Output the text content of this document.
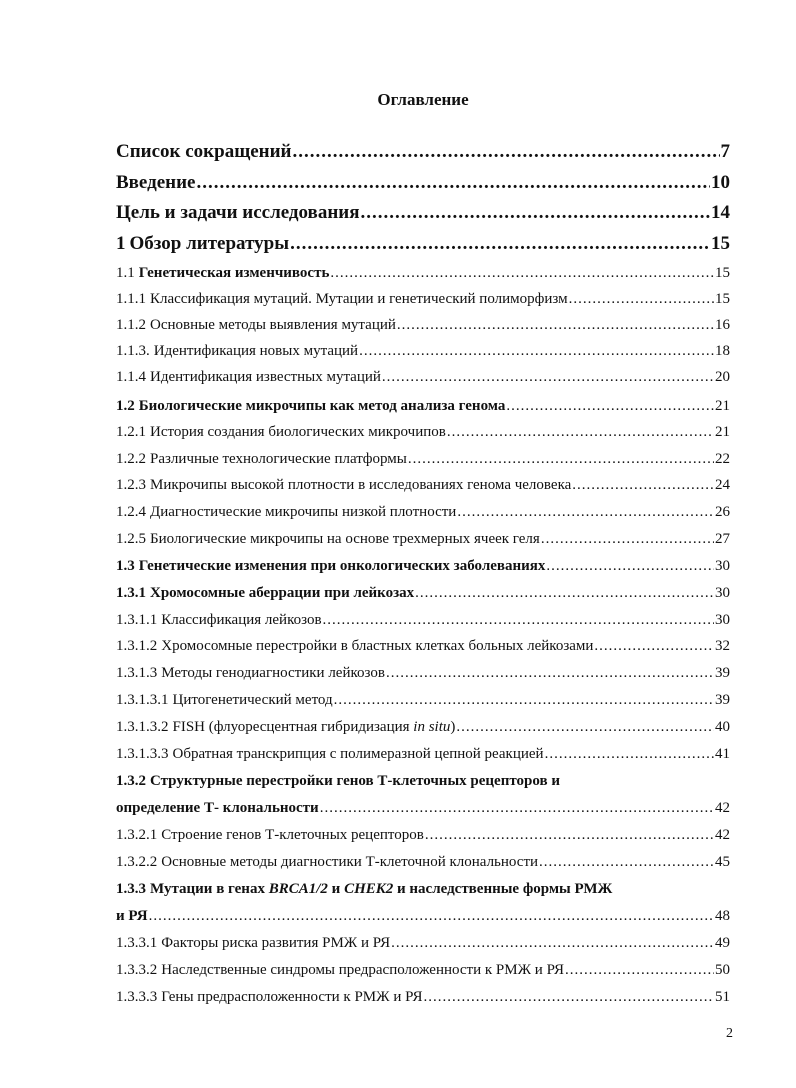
Оглавление
Список сокращений .....	7
Введение .....	10
Цель и задачи исследования .....	14
1 Обзор литературы .....	15
1.1 Генетическая изменчивость .....	15
1.1.1 Классификация мутаций. Мутации и генетический полиморфизм .....	15
1.1.2 Основные методы выявления мутаций .....	16
1.1.3. Идентификация новых мутаций .....	18
1.1.4 Идентификация известных мутаций .....	20
1.2 Биологические микрочипы как метод анализа генома .....	21
1.2.1 История создания биологических микрочипов .....	21
1.2.2 Различные технологические платформы .....	22
1.2.3 Микрочипы высокой плотности в исследованиях генома человека .....	24
1.2.4 Диагностические микрочипы низкой плотности .....	26
1.2.5 Биологические микрочипы на основе трехмерных ячеек геля .....	27
1.3 Генетические изменения при онкологических заболеваниях .....	30
1.3.1 Хромосомные аберрации при лейкозах .....	30
1.3.1.1 Классификация лейкозов .....	30
1.3.1.2 Хромосомные перестройки в бластных клетках больных лейкозами .....	32
1.3.1.3 Методы генодиагностики лейкозов .....	39
1.3.1.3.1 Цитогенетический метод .....	39
1.3.1.3.2 FISH (флуоресцентная гибридизация in situ) .....	40
1.3.1.3.3 Обратная транскрипция с полимеразной цепной реакцией .....	41
1.3.2 Структурные перестройки генов Т-клеточных рецепторов и
определение Т- клональности .....	42
1.3.2.1 Строение генов Т-клеточных рецепторов .....	42
1.3.2.2 Основные методы диагностики Т-клеточной клональности .....	45
1.3.3 Мутации в генах BRCA1/2 и CHEK2 и наследственные формы РМЖ
и РЯ .....	48
1.3.3.1 Факторы риска развития РМЖ и РЯ .....	49
1.3.3.2 Наследственные синдромы предрасположенности к РМЖ и РЯ .....	50
1.3.3.3 Гены предрасположенности к РМЖ и РЯ .....	51
2
